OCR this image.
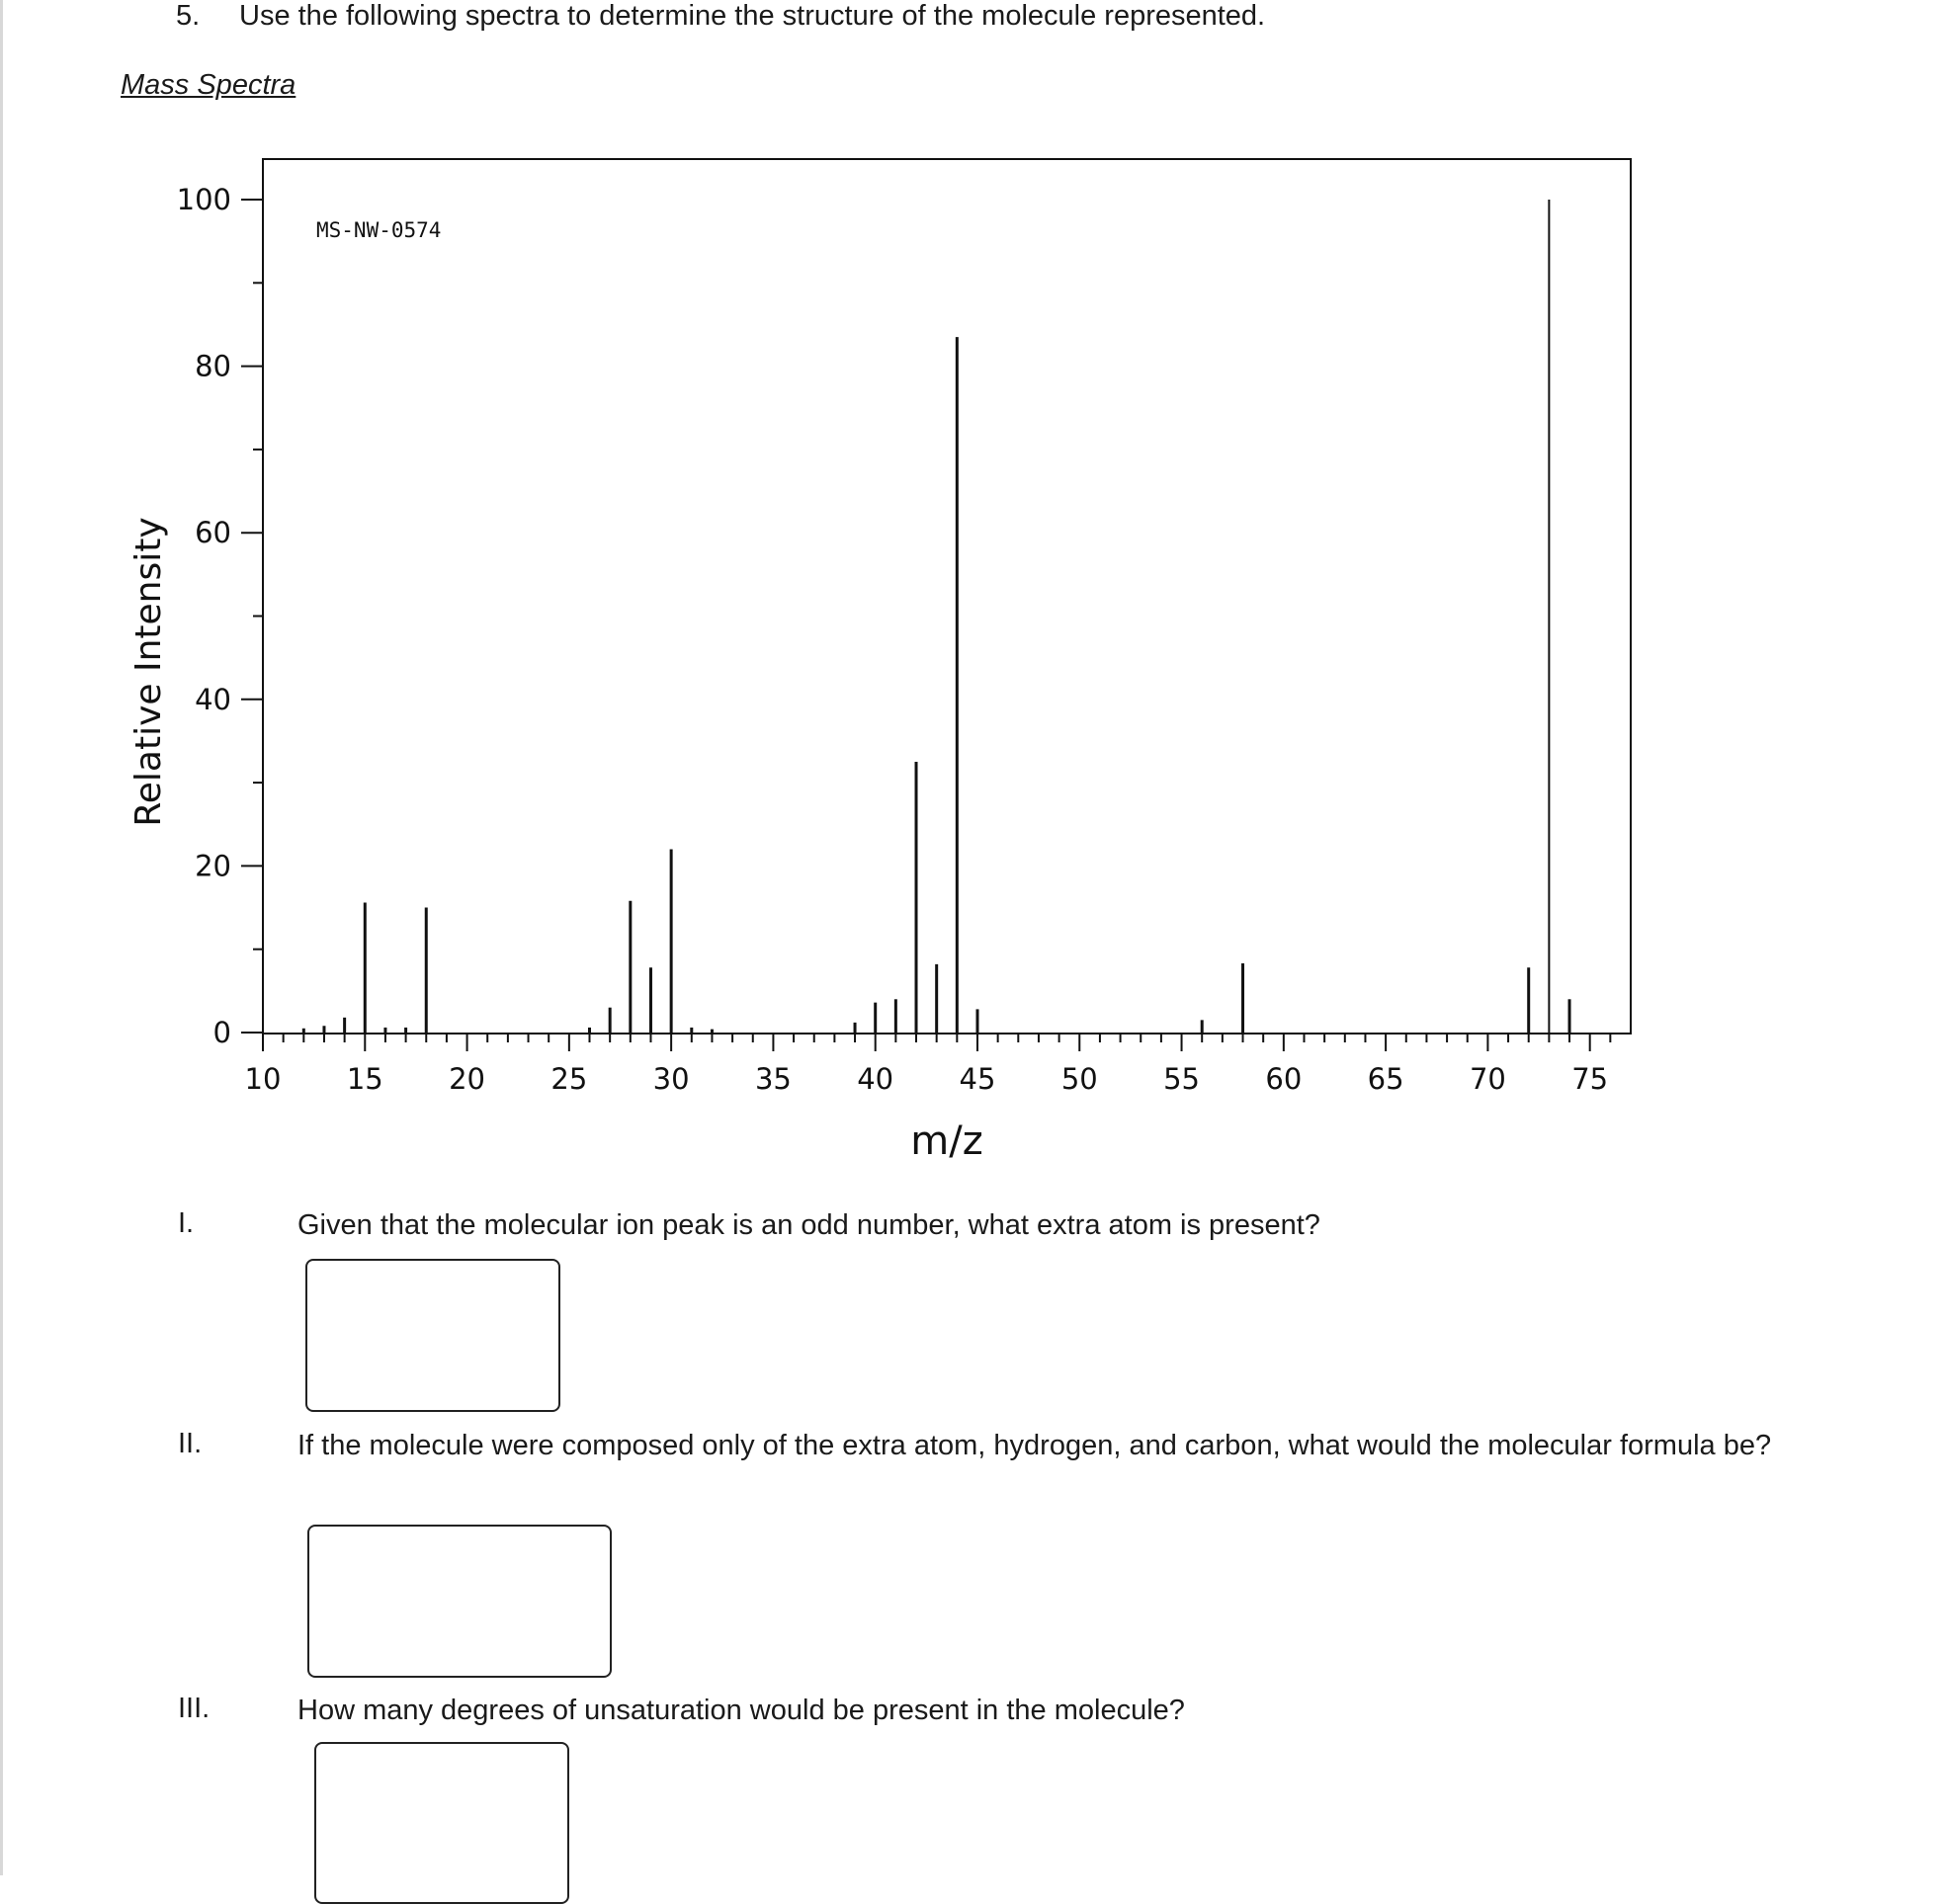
5. Use the following spectra to determine the structure of the molecule represented.
Mass Spectra
0
20
40
60
80
100
10 15 20 25 30 35 40 45 50 55 60 65 70 75
MS-NW-0574
m/z
Relative Intensity
I.	Given that the molecular ion peak is an odd number, what extra atom is present?
II.	If the molecule were composed only of the extra atom, hydrogen, and carbon, what would the molecular formula be?
III.	How many degrees of unsaturation would be present in the molecule?
